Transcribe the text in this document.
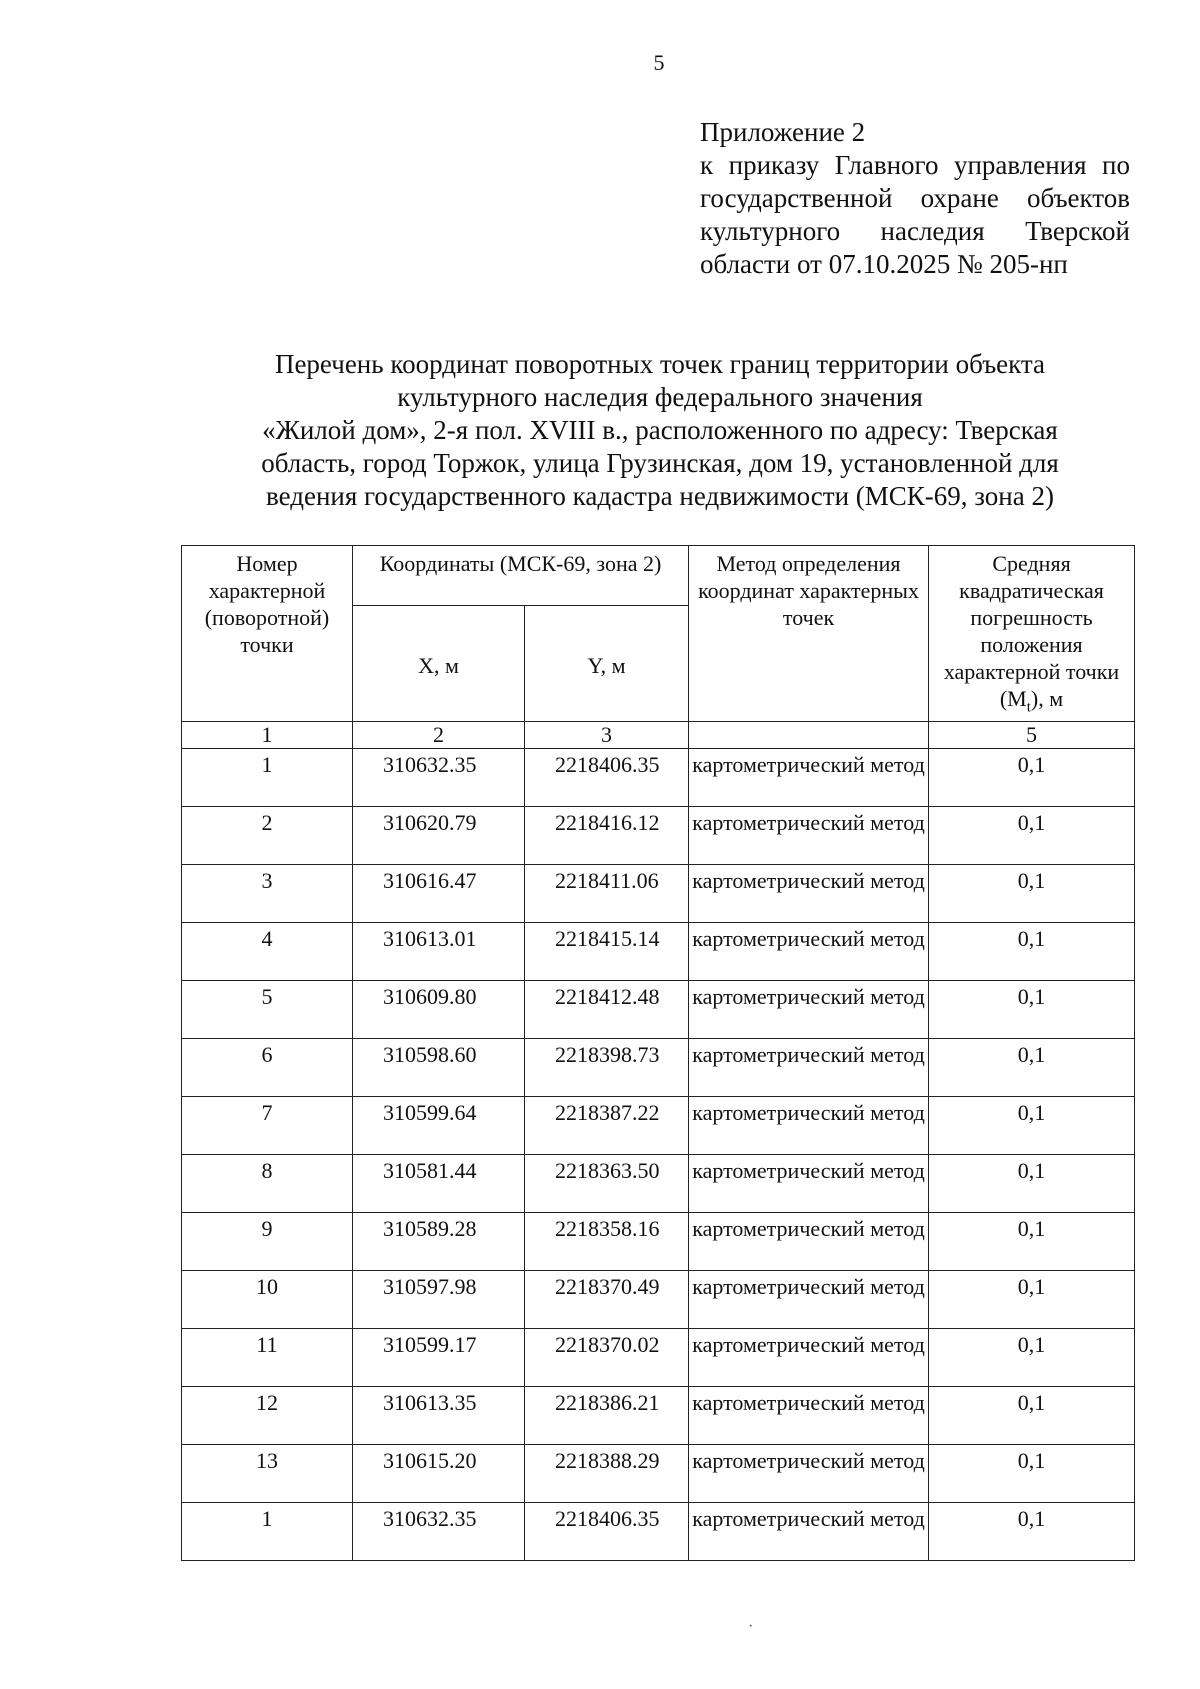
5
Приложение 2
к приказу Главного управления по
государственной охране объектов
культурного наследия Тверской
области от 07.10.2025 № 205-нп
Перечень координат поворотных точек границ территории объекта
культурного наследия федерального значения
«Жилой дом», 2-я пол. XVIII в., расположенного по адресу: Тверская
область, город Торжок, улица Грузинская, дом 19, установленной для
ведения государственного кадастра недвижимости (МСК-69, зона 2)
Номер характерной (поворотной) точки	Координаты (МСК-69, зона 2)		Метод определения координат характерных точек	Средняя квадратическая погрешность положения характерной точки $(M_t)$, м
	X, м	Y, м		
1	2	3		5
1	310632.35	2218406.35	картометрический метод	0,1
2	310620.79	2218416.12	картометрический метод	0,1
3	310616.47	2218411.06	картометрический метод	0,1
4	310613.01	2218415.14	картометрический метод	0,1
5	310609.80	2218412.48	картометрический метод	0,1
6	310598.60	2218398.73	картометрический метод	0,1
7	310599.64	2218387.22	картометрический метод	0,1
8	310581.44	2218363.50	картометрический метод	0,1
9	310589.28	2218358.16	картометрический метод	0,1
10	310597.98	2218370.49	картометрический метод	0,1
11	310599.17	2218370.02	картометрический метод	0,1
12	310613.35	2218386.21	картометрический метод	0,1
13	310615.20	2218388.29	картометрический метод	0,1
1	310632.35	2218406.35	картометрический метод	0,1
·
